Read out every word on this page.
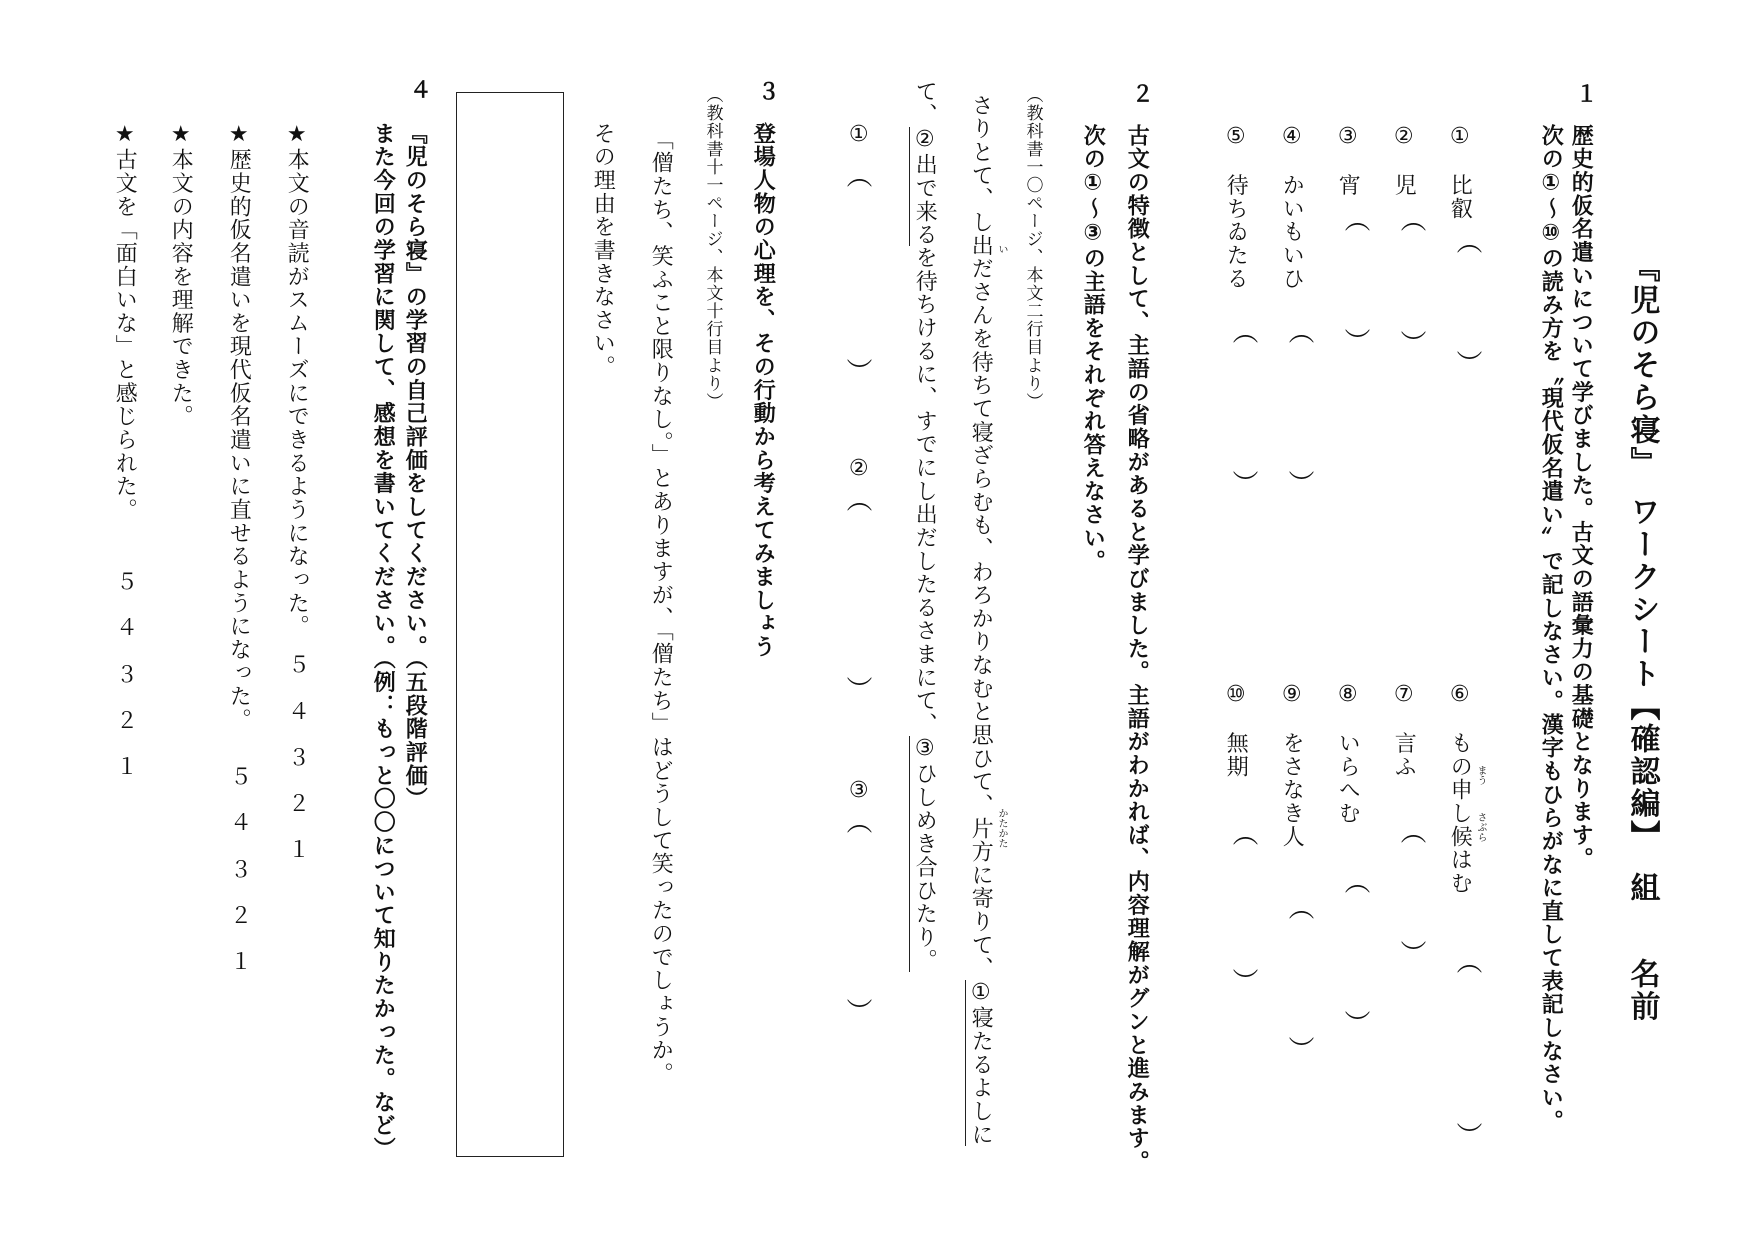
『児のそら寝』　ワークシート【確認編】
組
名前
１
歴史的仮名遣いについて学びました。古文の語彙力の基礎となります。
次の①〜⑩の読み方を〝現代仮名遣い〟で記しなさい。漢字もひらがなに直して表記しなさい。
①　比叡
②　児
③　宵
④　かいもいひ
⑤　待ちゐたる
⑥　もの申し候はむ まう
さぶら
⑦　言ふ
⑧　いらへむ
⑨　をさなき人
⑩　無期
︵
︶
︵
︶
︵
︶
︵
︶
︵
︶
︵
︶
︵
︶
︵
︶
︵
︶
︵
︶
２
古文の特徴として、主語の省略があると学びました。主語がわかれば、内容理解がグンと進みます。
次の①〜③の主語をそれぞれ答えなさい。
（教科書一〇ページ、本文二行目より）
さりとて、し出ださんを待ちて寝ざらむも、わろかりなむと思ひて、片方に寄りて、①寝たるよしに
い
かたかた
て、②出で来るを待ちけるに、すでにし出だしたるさまにて、③ひしめき合ひたり。
①
︵
︶
②
︵
︶
③
︵
︶
３
登場人物の心理を、その行動から考えてみましょう
（教科書十一ページ、本文十行目より）
「僧たち、笑ふこと限りなし。」とありますが、「僧たち」はどうして笑ったのでしょうか。
その理由を書きなさい。
４
『児のそら寝』の学習の自己評価をしてください。（五段階評価）
また今回の学習に関して、感想を書いてください。（例：もっと〇〇について知りたかった。など）
★本文の音読がスムーズにできるようになった。
★歴史的仮名遣いを現代仮名遣いに直せるようになった。
★本文の内容を理解できた。
★古文を「面白いな」と感じられた。
５
４
３
２
１
５
４
３
２
１
５
４
３
２
１
